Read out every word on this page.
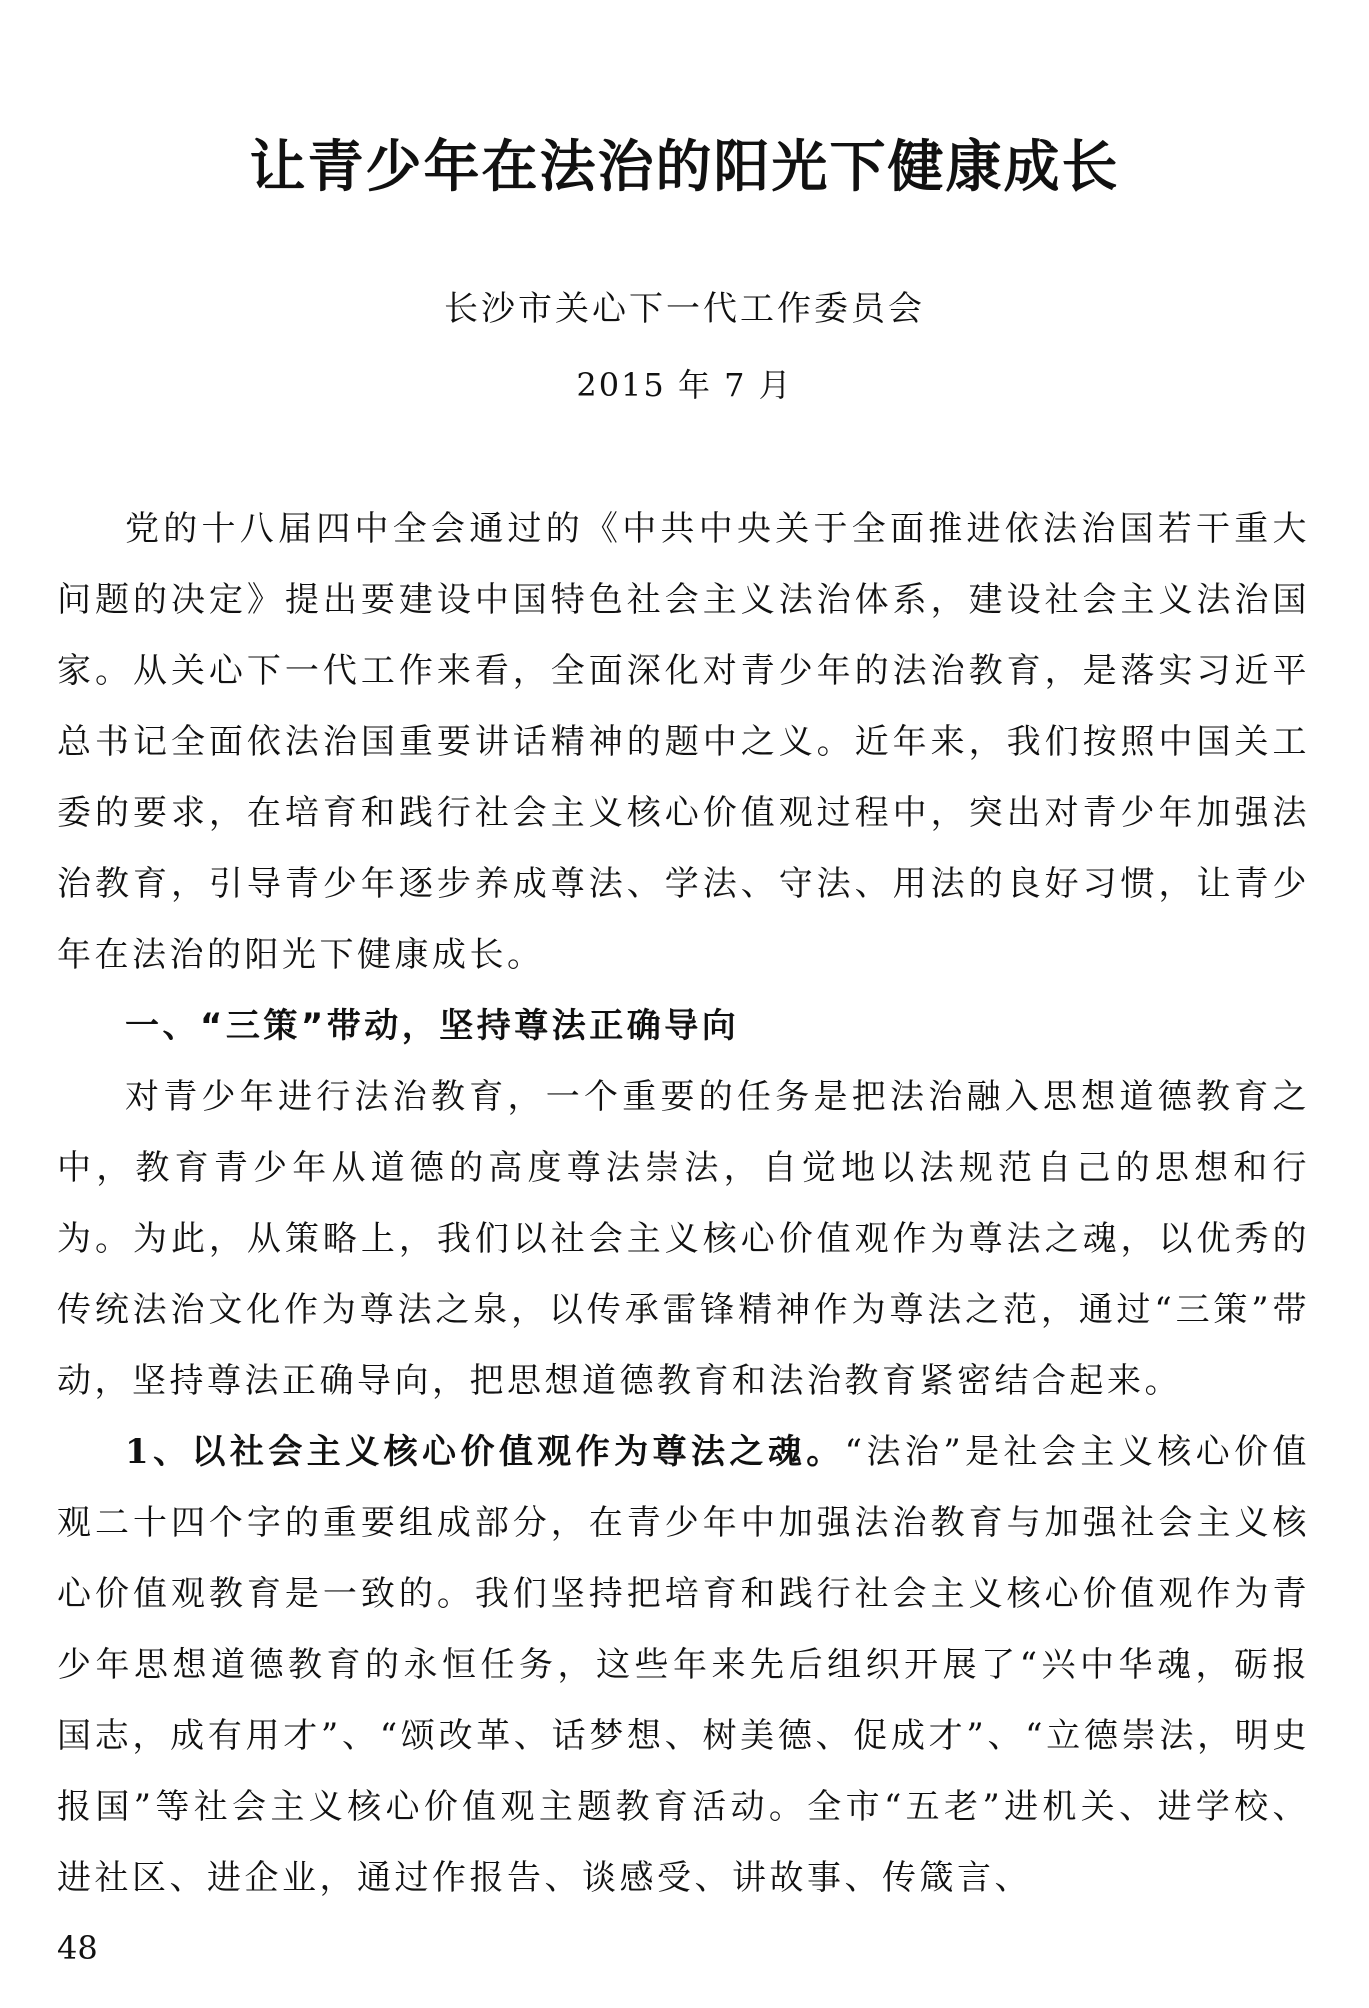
让青少年在法治的阳光下健康成长
长沙市关心下一代工作委员会
2015 年 7 月

党的十八届四中全会通过的《中共中央关于全面推进依法治国若干重大问题的决定》提出要建设中国特色社会主义法治体系，建设社会主义法治国家。从关心下一代工作来看，全面深化对青少年的法治教育，是落实习近平总书记全面依法治国重要讲话精神的题中之义。近年来，我们按照中国关工委的要求，在培育和践行社会主义核心价值观过程中，突出对青少年加强法治教育，引导青少年逐步养成尊法、学法、守法、用法的良好习惯，让青少年在法治的阳光下健康成长。

一、“三策”带动，坚持尊法正确导向

对青少年进行法治教育，一个重要的任务是把法治融入思想道德教育之中，教育青少年从道德的高度尊法崇法，自觉地以法规范自己的思想和行为。为此，从策略上，我们以社会主义核心价值观作为尊法之魂，以优秀的传统法治文化作为尊法之泉，以传承雷锋精神作为尊法之范，通过“三策”带动，坚持尊法正确导向，把思想道德教育和法治教育紧密结合起来。

1、以社会主义核心价值观作为尊法之魂。“法治”是社会主义核心价值观二十四个字的重要组成部分，在青少年中加强法治教育与加强社会主义核心价值观教育是一致的。我们坚持把培育和践行社会主义核心价值观作为青少年思想道德教育的永恒任务，这些年来先后组织开展了“兴中华魂，砺报国志，成有用才”、“颂改革、话梦想、树美德、促成才”、“立德崇法，明史报国”等社会主义核心价值观主题教育活动。全市“五老”进机关、进学校、进社区、进企业，通过作报告、谈感受、讲故事、传箴言、

48
